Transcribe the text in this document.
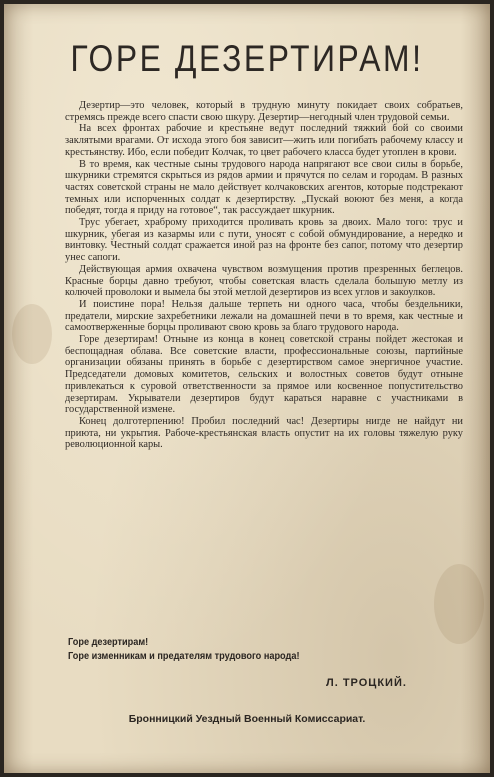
ГОРЕ ДЕЗЕРТИРАМ!

Дезертир—это человек, который в трудную минуту покидает своих собратьев, стремясь прежде всего спасти свою шкуру. Дезертир—негодный член трудовой семьи.

На всех фронтах рабочие и крестьяне ведут последний тяжкий бой со своими заклятыми врагами. От исхода этого боя зависит—жить или погибать рабочему классу и крестьянству. Ибо, если победит Колчак, то цвет рабочего класса будет утоплен в крови.

В то время, как честные сыны трудового народа напрягают все свои силы в борьбе, шкурники стремятся скрыться из рядов армии и прячутся по селам и городам. В разных частях советской страны не мало действует колчаковских агентов, которые подстрекают темных или испорченных солдат к дезертирству. „Пускай воюют без меня, а когда победят, тогда я приду на готовое“, так рассуждает шкурник.

Трус убегает, храброму приходится проливать кровь за двоих. Мало того: трус и шкурник, убегая из казармы или с пути, уносят с собой обмундирование, а нередко и винтовку. Честный солдат сражается иной раз на фронте без сапог, потому что дезертир унес сапоги.

Действующая армия охвачена чувством возмущения против презренных беглецов. Красные борцы давно требуют, чтобы советская власть сделала большую метлу из колючей проволоки и вымела бы этой метлой дезертиров из всех углов и закоулков.

И поистине пора! Нельзя дальше терпеть ни одного часа, чтобы бездельники, предатели, мирские захребетники лежали на домашней печи в то время, как честные и самоотверженные борцы проливают свою кровь за благо трудового народа.

Горе дезертирам! Отныне из конца в конец советской страны пойдет жестокая и беспощадная облава. Все советские власти, профессиональные союзы, партийные организации обязаны принять в борьбе с дезертирством самое энергичное участие. Председатели домовых комитетов, сельских и волостных советов будут отныне привлекаться к суровой ответственности за прямое или косвенное попустительство дезертирам. Укрыватели дезертиров будут караться наравне с участниками в государственной измене.

Конец долготерпению! Пробил последний час! Дезертиры нигде не найдут ни приюта, ни укрытия. Рабоче-крестьянская власть опустит на их головы тяжелую руку революционной кары.

Горе дезертирам!
Горе изменникам и предателям трудового народа!
Л. ТРОЦКИЙ.
Бронницкий Уездный Военный Комиссариат.
